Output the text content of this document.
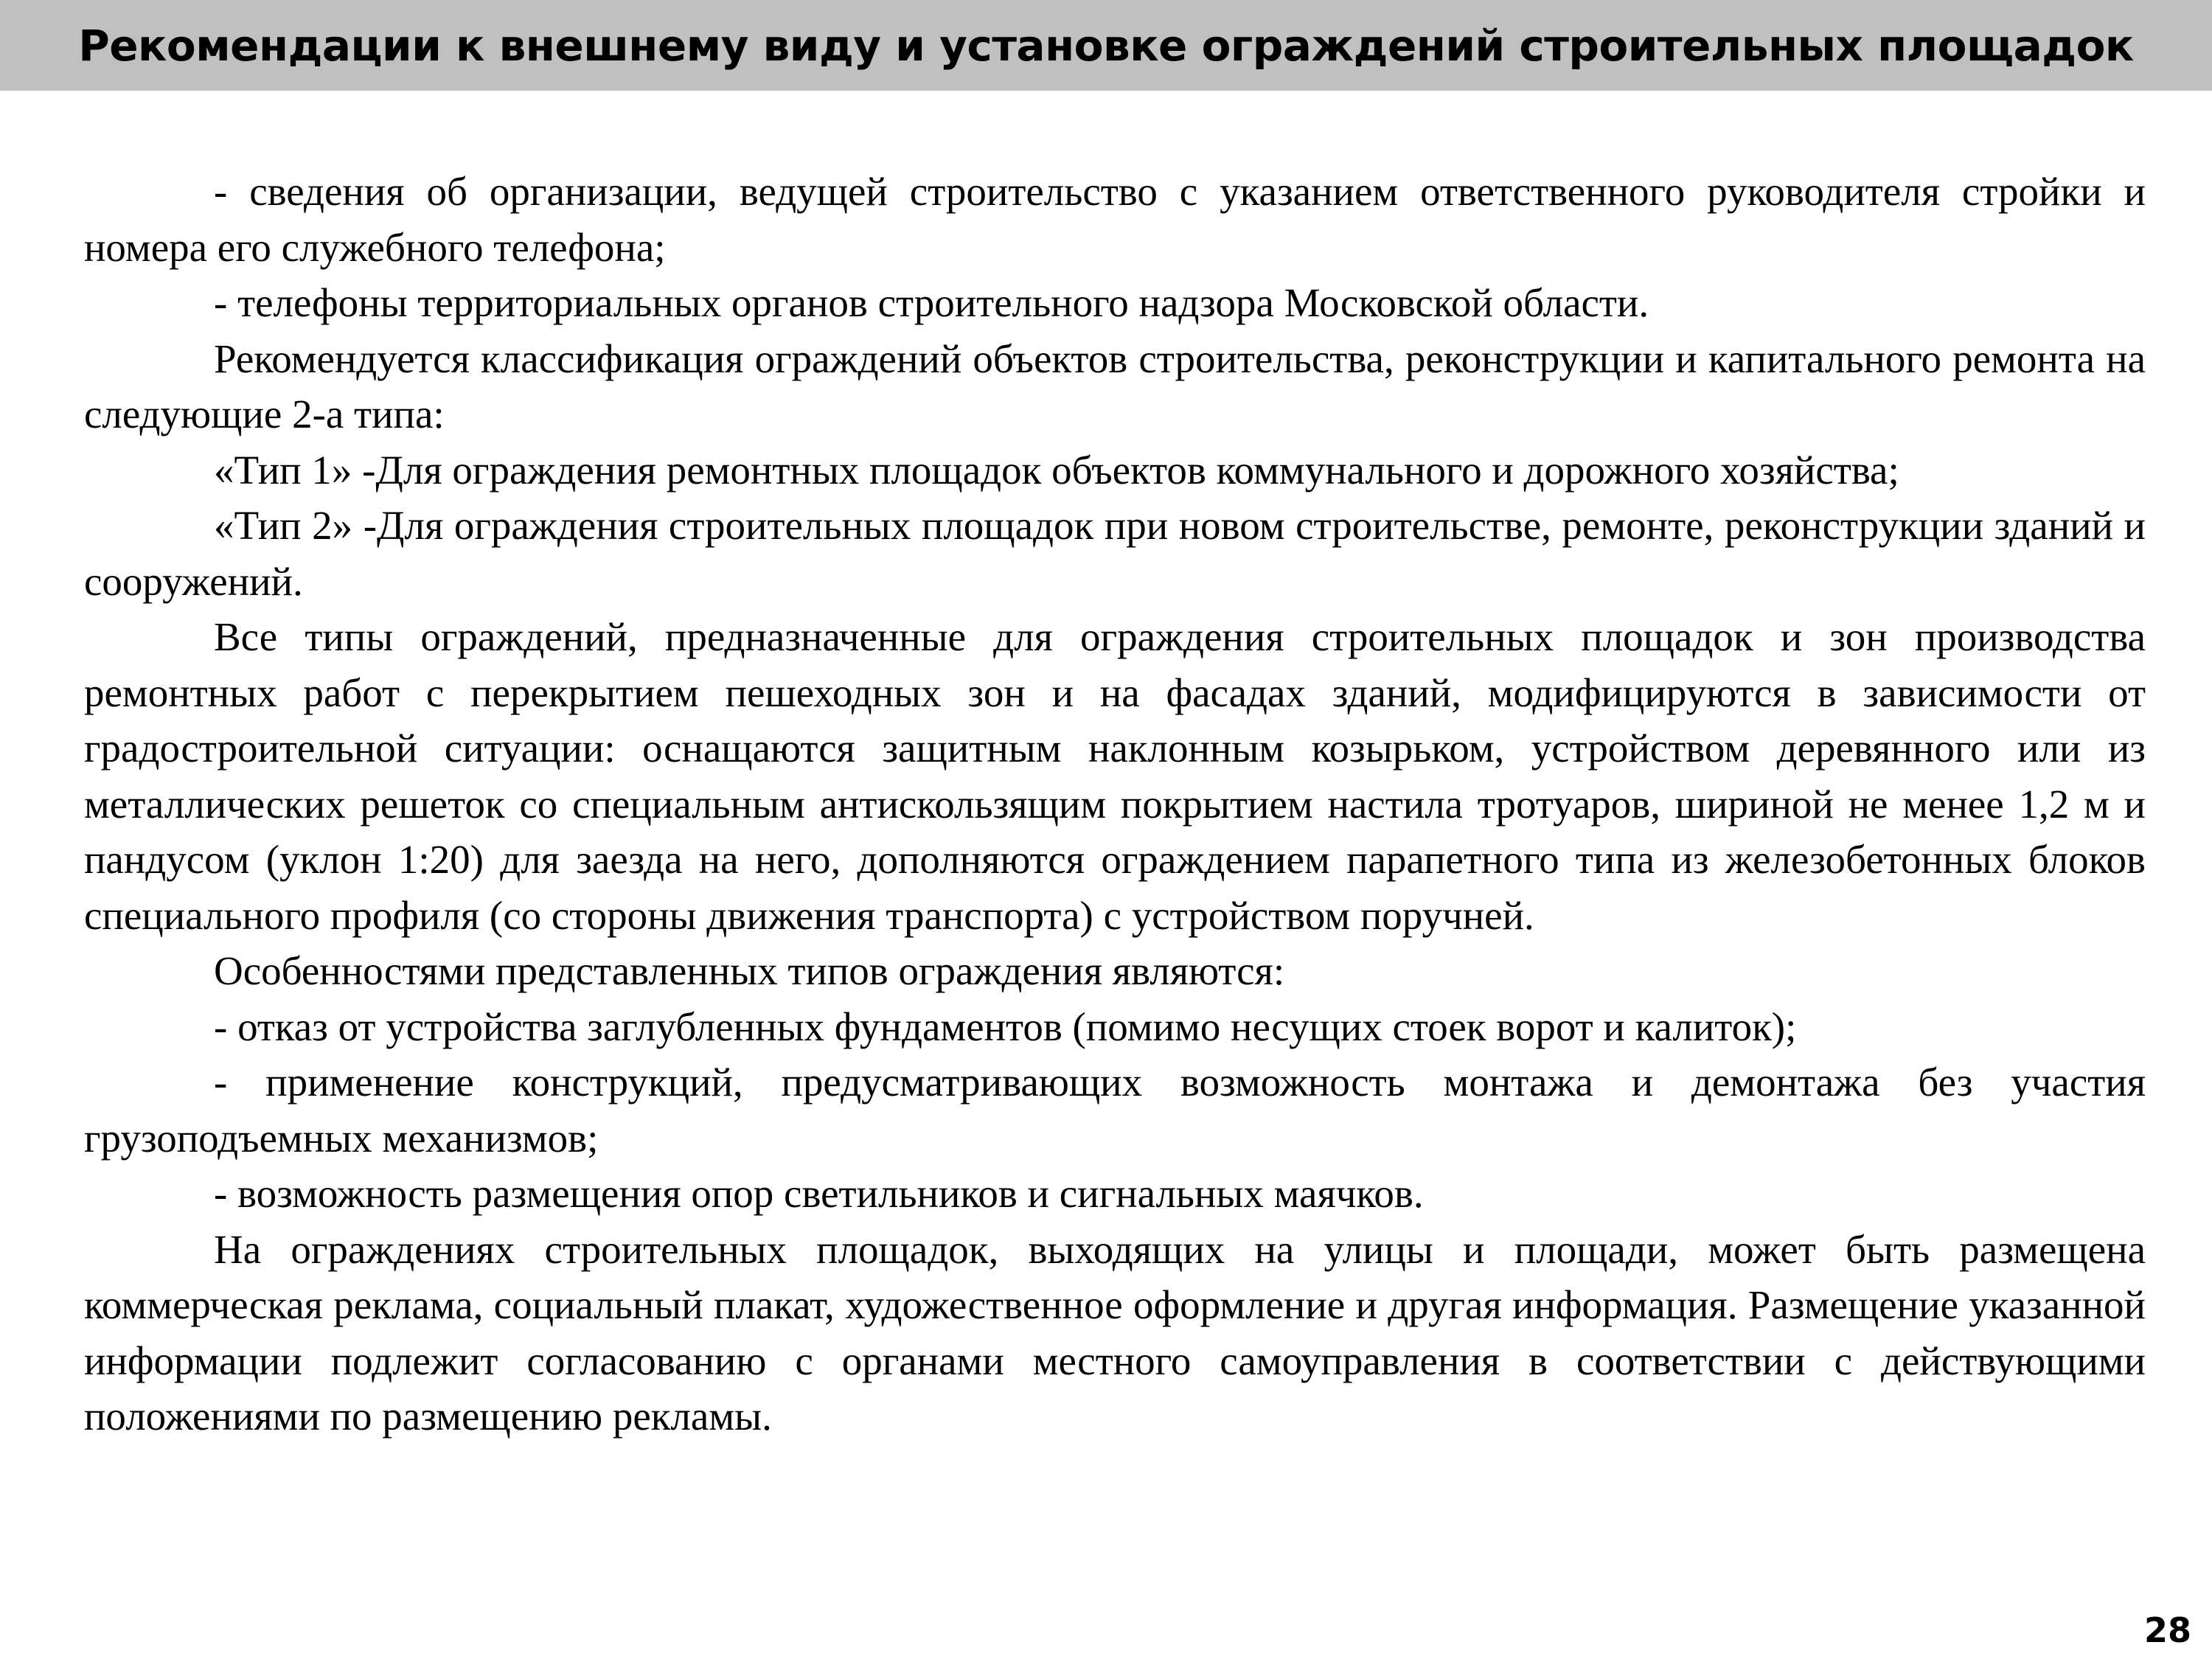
Рекомендации к внешнему виду и установке ограждений строительных площадок

- сведения об организации, ведущей строительство с указанием ответственного руководителя стройки и номера его служебного телефона;

- телефоны территориальных органов строительного надзора Московской области.

Рекомендуется классификация ограждений объектов строительства, реконструкции и капитального ремонта на следующие 2-а типа:

«Тип 1» -Для ограждения ремонтных площадок объектов коммунального и дорожного хозяйства;

«Тип 2» -Для ограждения строительных площадок при новом строительстве, ремонте, реконструкции зданий и сооружений.

Все типы ограждений, предназначенные для ограждения строительных площадок и зон производства ремонтных работ с перекрытием пешеходных зон и на фасадах зданий, модифицируются в зависимости от градостроительной ситуации: оснащаются защитным наклонным козырьком, устройством деревянного или из металлических решеток со специальным антискользящим покрытием настила тротуаров, шириной не менее 1,2 м и пандусом (уклон 1:20) для заезда на него, дополняются ограждением парапетного типа из железобетонных блоков специального профиля (со стороны движения транспорта) с устройством поручней.

Особенностями представленных типов ограждения являются:

- отказ от устройства заглубленных фундаментов (помимо несущих стоек ворот и калиток);

- применение конструкций, предусматривающих возможность монтажа и демонтажа без участия грузоподъемных механизмов;

- возможность размещения опор светильников и сигнальных маячков.

На ограждениях строительных площадок, выходящих на улицы и площади, может быть размещена коммерческая реклама, социальный плакат, художественное оформление и другая информация. Размещение указанной информации подлежит согласованию с органами местного самоуправления в соответствии с действующими положениями по размещению рекламы.

28
